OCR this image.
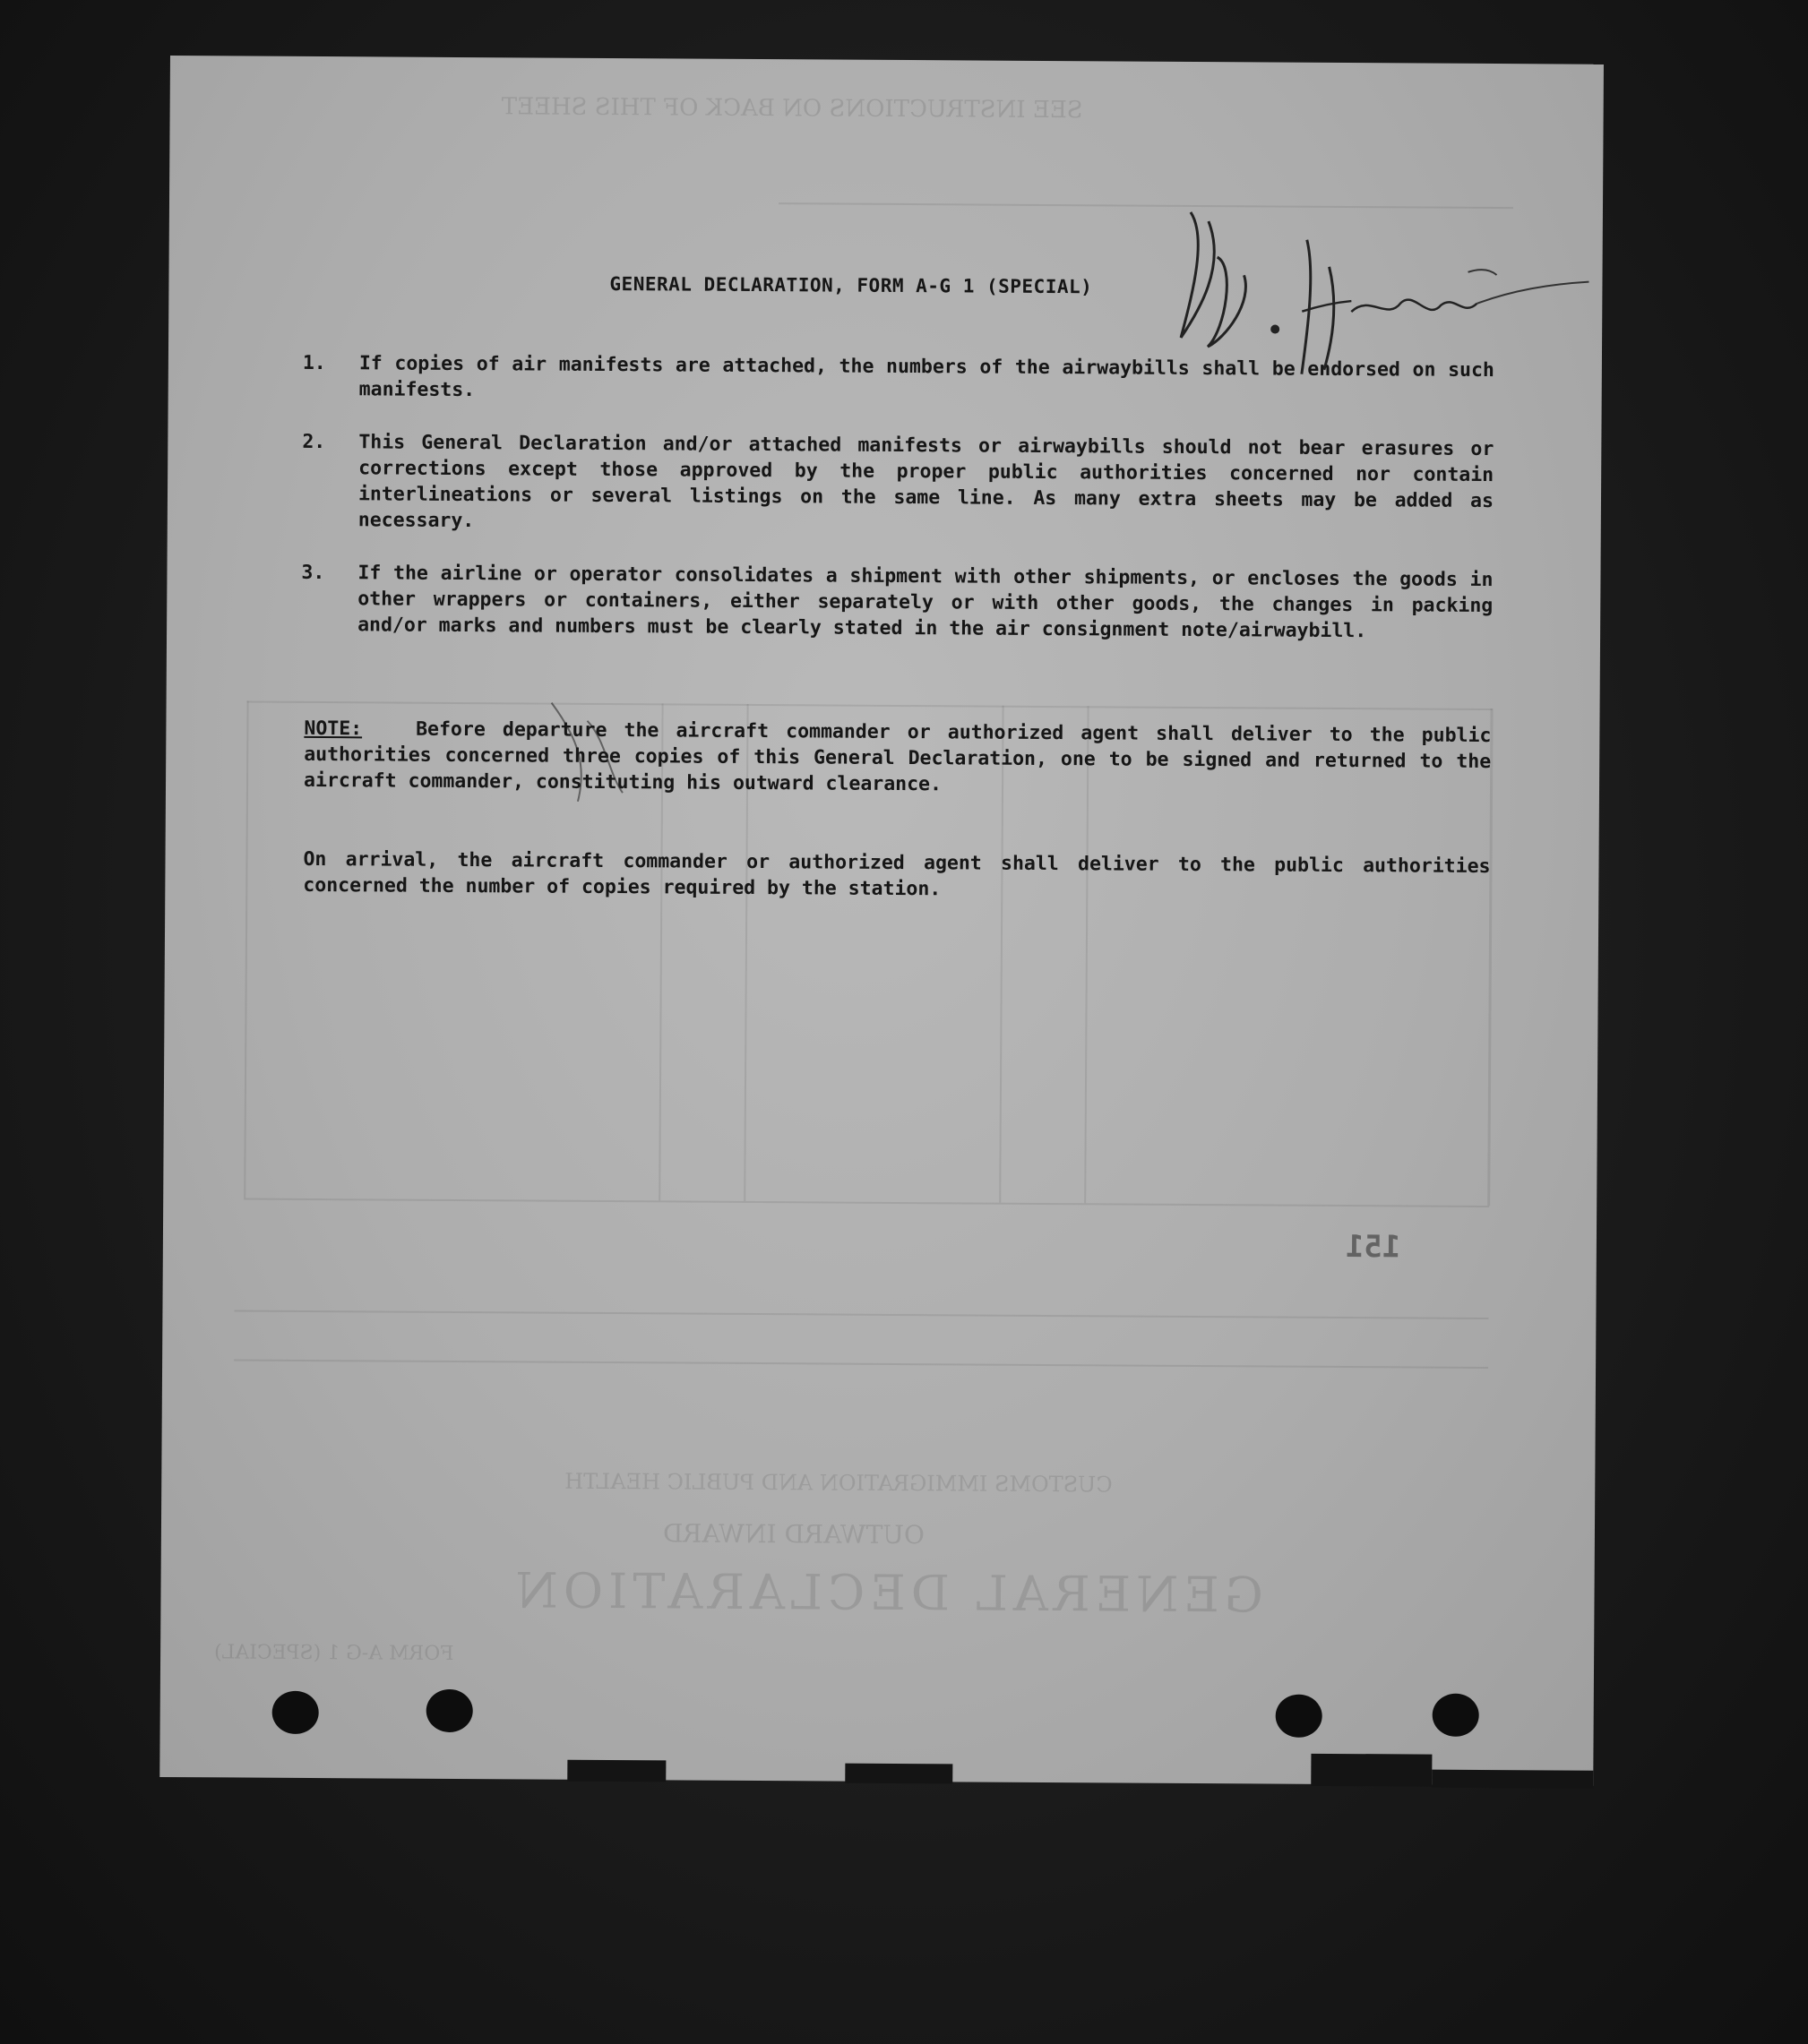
GENERAL DECLARATION
OUTWARD INWARD
CUSTOMS IMMIGRATION AND PUBLIC HEALTH
SEE INSTRUCTIONS ON BACK OF THIS SHEET
FORM A-G 1 (SPECIAL)
151
GENERAL DECLARATION, FORM A-G 1 (SPECIAL)
1.	If copies of air manifests are attached, the numbers of the airwaybills shall be endorsed on such manifests.
2.	This General Declaration and/or attached manifests or airwaybills should not bear erasures or corrections except those approved by the proper public authorities concerned nor contain interlineations or several listings on the same line. As many extra sheets may be added as necessary.
3.	If the airline or operator consolidates a shipment with other shipments, or encloses the goods in other wrappers or containers, either separately or with other goods, the changes in packing and/or marks and numbers must be clearly stated in the air consignment note/airwaybill.
NOTE:	Before departure the aircraft commander or authorized agent shall deliver to the public authorities concerned three copies of this General Declaration, one to be signed and returned to the aircraft commander, constituting his outward clearance.
On arrival, the aircraft commander or authorized agent shall deliver to the public authorities concerned the number of copies required by the station.
